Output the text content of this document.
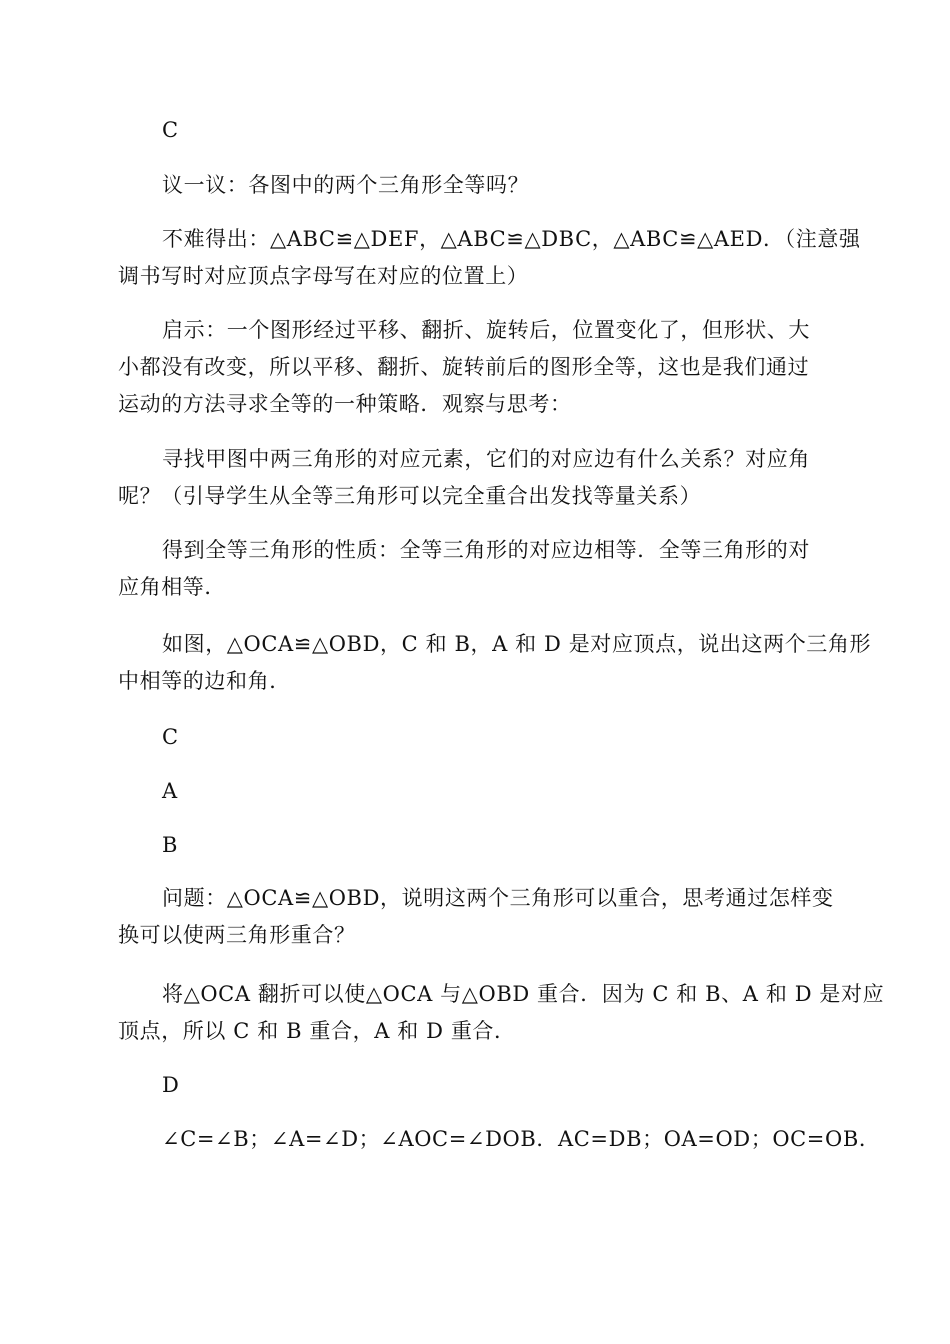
C
议一议：各图中的两个三角形全等吗？
不难得出：△ABC≌△DEF，△ABC≌△DBC，△ABC≌△AED．（注意强
调书写时对应顶点字母写在对应的位置上）
启示：一个图形经过平移、翻折、旋转后，位置变化了，但形状、大
小都没有改变，所以平移、翻折、旋转前后的图形全等，这也是我们通过
运动的方法寻求全等的一种策略．观察与思考：
寻找甲图中两三角形的对应元素，它们的对应边有什么关系？对应角
呢？（引导学生从全等三角形可以完全重合出发找等量关系）
得到全等三角形的性质：全等三角形的对应边相等．全等三角形的对
应角相等．
如图，△OCA≌△OBD，C 和 B，A 和 D 是对应顶点，说出这两个三角形
中相等的边和角．
C
A
B
问题：△OCA≌△OBD，说明这两个三角形可以重合，思考通过怎样变
换可以使两三角形重合？
将△OCA 翻折可以使△OCA 与△OBD 重合．因为 C 和 B、A 和 D 是对应
顶点，所以 C 和 B 重合，A 和 D 重合．
D
∠C=∠B；∠A=∠D；∠AOC=∠DOB．AC=DB；OA=OD；OC=OB．
